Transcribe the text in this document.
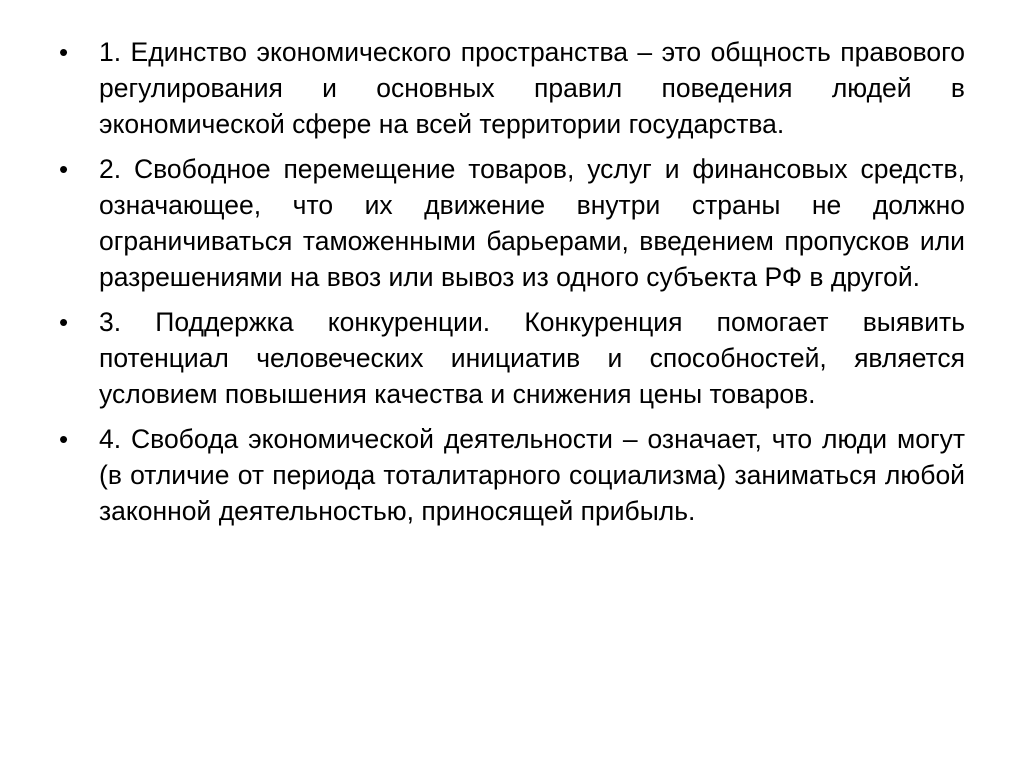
•	1. Единство экономического пространства – это общность правового регулирования и основных правил поведения людей в экономической сфере на всей территории государства.
•	2. Свободное перемещение товаров, услуг и финансовых средств, означающее, что их движение внутри страны не должно ограничиваться таможенными барьерами, введением пропусков или разрешениями на ввоз или вывоз из одного субъекта РФ в другой.
•	3. Поддержка конкуренции. Конкуренция помогает выявить потенциал человеческих инициатив и способностей, является условием повышения качества и снижения цены товаров.
•	4. Свобода экономической деятельности – означает, что люди могут (в отличие от периода тоталитарного социализма) заниматься любой законной деятельностью, приносящей прибыль.
